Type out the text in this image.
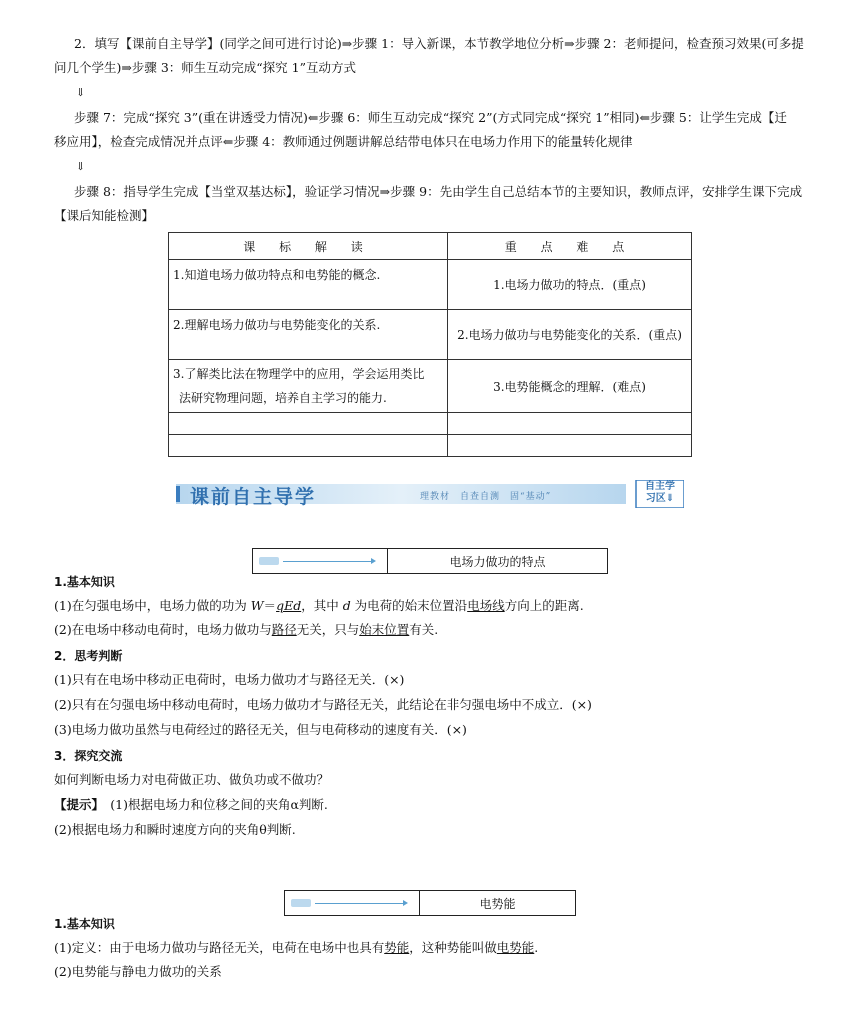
2．填写【课前自主导学】(同学之间可进行讨论)⇒步骤 1：导入新课，本节教学地位分析⇒步骤 2：老师提问，检查预习效果(可多提
问几个学生)⇒步骤 3：师生互动完成“探究 1”互动方式
⇓
步骤 7：完成“探究 3”(重在讲透受力情况)⇐步骤 6：师生互动完成“探究 2”(方式同完成“探究 1”相同)⇐步骤 5：让学生完成【迁
移应用】，检查完成情况并点评⇐步骤 4：教师通过例题讲解总结带电体只在电场力作用下的能量转化规律
⇓
步骤 8：指导学生完成【当堂双基达标】，验证学习情况⇒步骤 9：先由学生自己总结本节的主要知识，教师点评，安排学生课下完成
【课后知能检测】
课 标 解 读	重 点 难 点
1.知道电场力做功特点和电势能的概念.	1.电场力做功的特点．(重点)
2.理解电场力做功与电势能变化的关系.	2.电场力做功与电势能变化的关系．(重点)

3.了解类比法在物理学中的应用，学会运用类比
法研究物理问题，培养自主学习的能力.	3.电势能概念的理解．(难点)

课前自主导学	理教材　自查自测　固“基动”
自主学
习区⇓
电场力做功的特点
1.基本知识
(1)在匀强电场中，电场力做的功为 W＝qEd，其中 d 为电荷的始末位置沿电场线方向上的距离.
(2)在电场中移动电荷时，电场力做功与路径无关，只与始末位置有关.
2．思考判断
(1)只有在电场中移动正电荷时，电场力做功才与路径无关．(×)
(2)只有在匀强电场中移动电荷时，电场力做功才与路径无关，此结论在非匀强电场中不成立．(×)
(3)电场力做功虽然与电荷经过的路径无关，但与电荷移动的速度有关．(×)
3．探究交流
如何判断电场力对电荷做正功、做负功或不做功？
【提示】　(1)根据电场力和位移之间的夹角α判断.
(2)根据电场力和瞬时速度方向的夹角θ判断.
电势能
1.基本知识
(1)定义：由于电场力做功与路径无关，电荷在电场中也具有势能，这种势能叫做电势能.
(2)电势能与静电力做功的关系
